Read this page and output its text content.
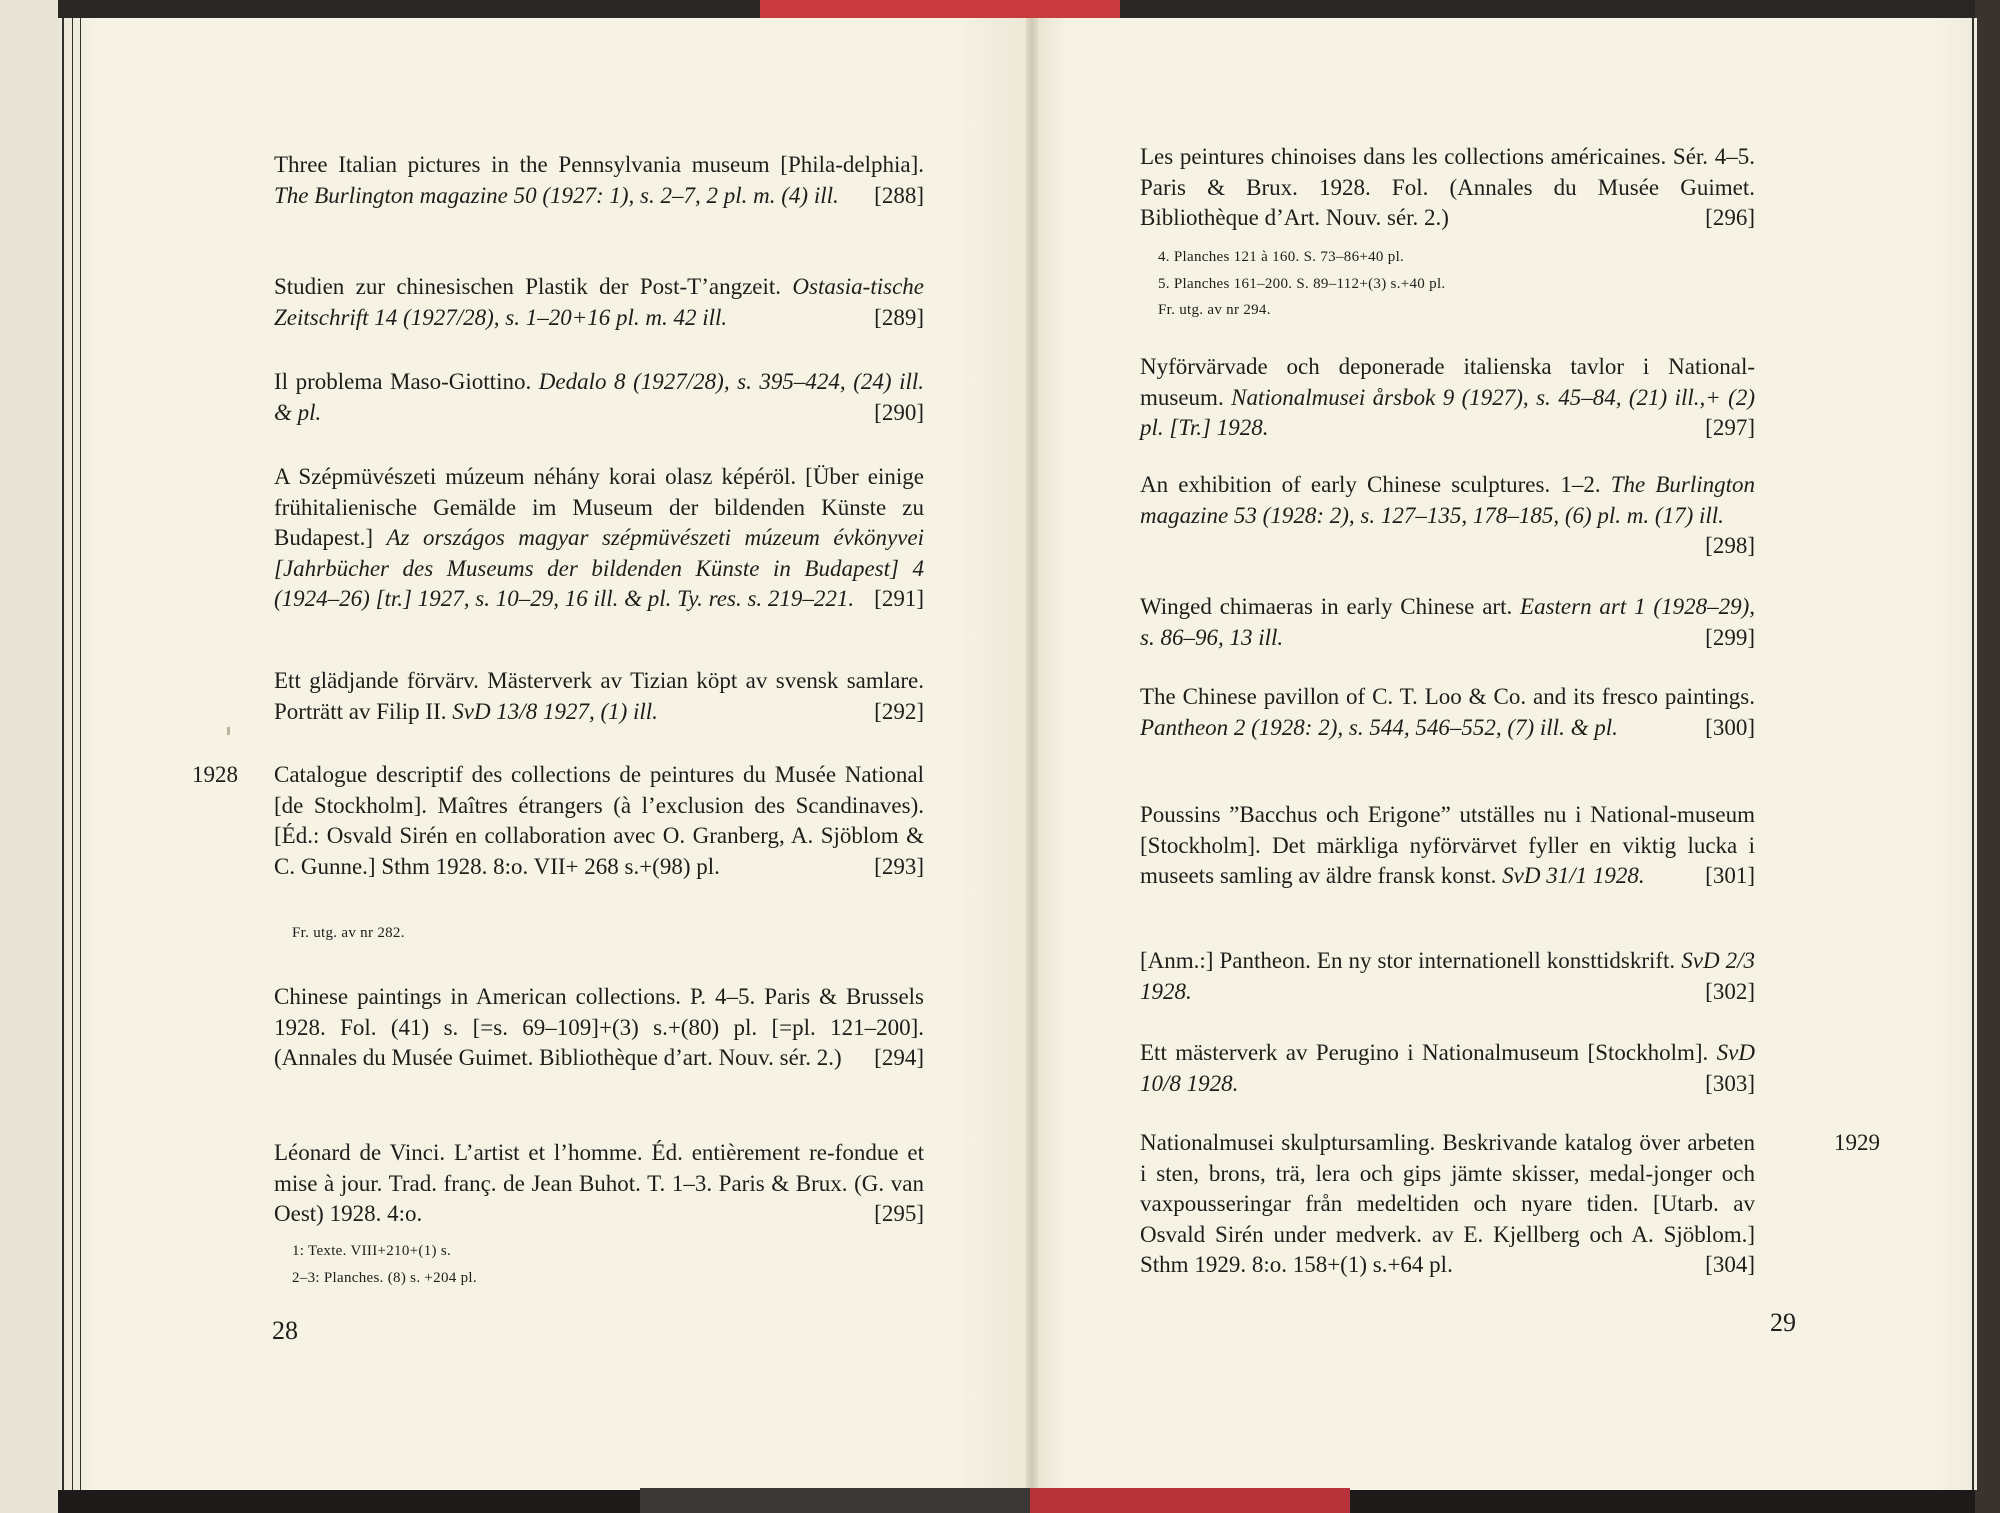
Three Italian pictures in the Pennsylvania museum [Phila-delphia]. The Burlington magazine 50 (1927: 1), s. 2–7, 2 pl. m. (4) ill. [288]
Studien zur chinesischen Plastik der Post-T’angzeit. Ostasia-tische Zeitschrift 14 (1927/28), s. 1–20+16 pl. m. 42 ill.	[289]
Il problema Maso-Giottino. Dedalo 8 (1927/28), s. 395–424, (24) ill. & pl.	[290]
A Szépmüvészeti múzeum néhány korai olasz képéröl. [Über einige frühitalienische Gemälde im Museum der bildenden Künste zu Budapest.] Az országos magyar szépmüvészeti múzeum évkönyvei [Jahrbücher des Museums der bildenden Künste in Budapest] 4 (1924–26) [tr.] 1927, s. 10–29, 16 ill. & pl. Ty. res. s. 219–221. [291]
Ett glädjande förvärv. Mästerverk av Tizian köpt av svensk samlare. Porträtt av Filip II. SvD 13/8 1927, (1) ill.	[292]
1928 Catalogue descriptif des collections de peintures du Musée National [de Stockholm]. Maîtres étrangers (à l’exclusion des Scandinaves). [Éd.: Osvald Sirén en collaboration avec O. Granberg, A. Sjöblom & C. Gunne.] Sthm 1928. 8:o. VII+ 268 s.+(98) pl.	[293]
Fr. utg. av nr 282.
Chinese paintings in American collections. P. 4–5. Paris & Brussels 1928. Fol. (41) s. [=s. 69–109]+(3) s.+(80) pl. [=pl. 121–200]. (Annales du Musée Guimet. Bibliothèque d’art. Nouv. sér. 2.) [294]
Léonard de Vinci. L’artist et l’homme. Éd. entièrement re-fondue et mise à jour. Trad. franç. de Jean Buhot. T. 1–3. Paris & Brux. (G. van Oest) 1928. 4:o.	[295]
1: Texte. VIII+210+(1) s.
2–3: Planches. (8) s. +204 pl.
28
Les peintures chinoises dans les collections américaines. Sér. 4–5. Paris & Brux. 1928. Fol. (Annales du Musée Guimet. Bibliothèque d’Art. Nouv. sér. 2.)	[296]
4. Planches 121 à 160. S. 73–86+40 pl.
5. Planches 161–200. S. 89–112+(3) s.+40 pl.
Fr. utg. av nr 294.
Nyförvärvade och deponerade italienska tavlor i National-museum. Nationalmusei årsbok 9 (1927), s. 45–84, (21) ill.,+ (2) pl. [Tr.] 1928.	[297]
An exhibition of early Chinese sculptures. 1–2. The Burlington magazine 53 (1928: 2), s. 127–135, 178–185, (6) pl. m. (17) ill.
[298]
Winged chimaeras in early Chinese art. Eastern art 1 (1928–29), s. 86–96, 13 ill.	[299]
The Chinese pavillon of C. T. Loo & Co. and its fresco paintings. Pantheon 2 (1928: 2), s. 544, 546–552, (7) ill. & pl.	[300]
Poussins ”Bacchus och Erigone” utställes nu i National-museum [Stockholm]. Det märkliga nyförvärvet fyller en viktig lucka i museets samling av äldre fransk konst. SvD 31/1 1928.	[301]
[Anm.:] Pantheon. En ny stor internationell konsttidskrift. SvD 2/3 1928.	[302]
Ett mästerverk av Perugino i Nationalmuseum [Stockholm]. SvD 10/8 1928.	[303]
1929
Nationalmusei skulptursamling. Beskrivande katalog över arbeten i sten, brons, trä, lera och gips jämte skisser, medal-jonger och vaxpousseringar från medeltiden och nyare tiden. [Utarb. av Osvald Sirén under medverk. av E. Kjellberg och A. Sjöblom.] Sthm 1929. 8:o. 158+(1) s.+64 pl.	[304]
29
